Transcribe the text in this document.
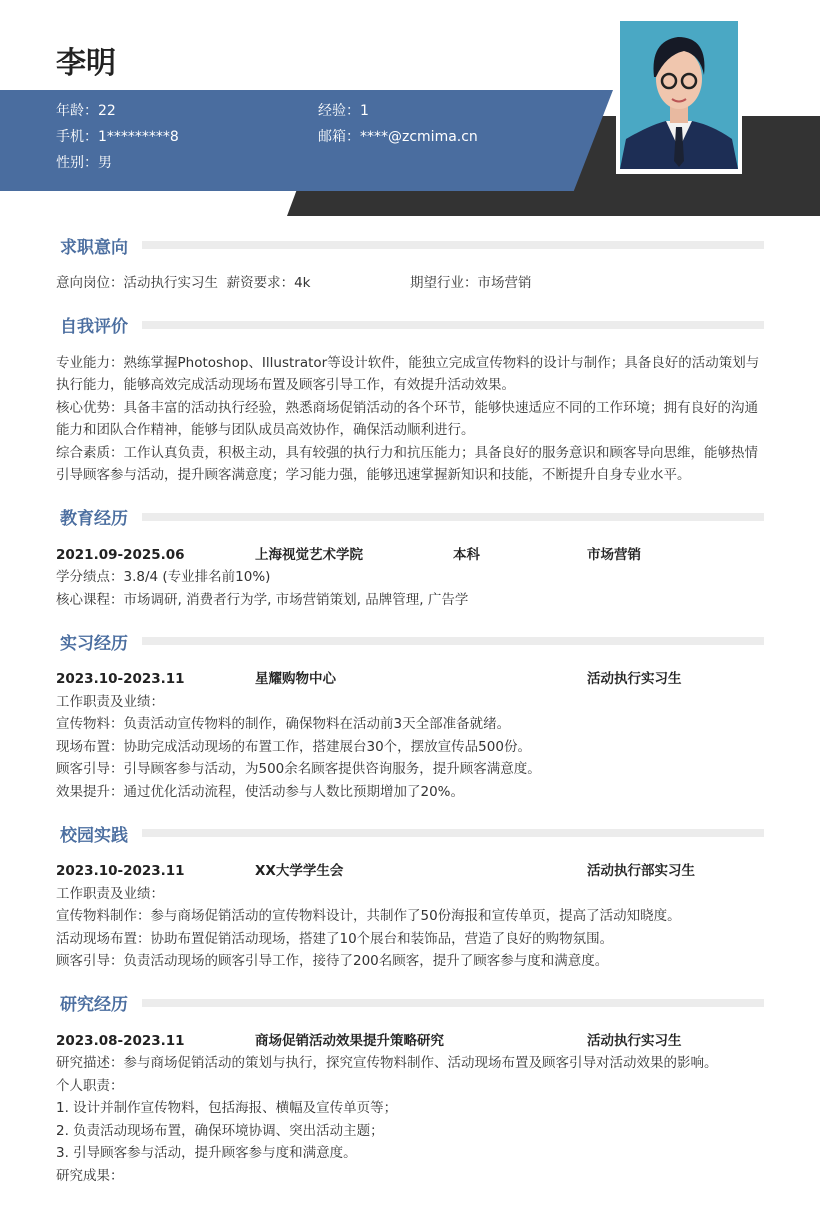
李明
年龄：22	经验：1
手机：1*********8	邮箱：****@zcmima.cn
性别：男
求职意向
意向岗位：活动执行实习生 薪资要求：4k	期望行业：市场营销
自我评价
专业能力：熟练掌握Photoshop、Illustrator等设计软件，能独立完成宣传物料的设计与制作；具备良好的活动策划与执行能力，能够高效完成活动现场布置及顾客引导工作，有效提升活动效果。
核心优势：具备丰富的活动执行经验，熟悉商场促销活动的各个环节，能够快速适应不同的工作环境；拥有良好的沟通能力和团队合作精神，能够与团队成员高效协作，确保活动顺利进行。
综合素质：工作认真负责，积极主动，具有较强的执行力和抗压能力；具备良好的服务意识和顾客导向思维，能够热情引导顾客参与活动，提升顾客满意度；学习能力强，能够迅速掌握新知识和技能，不断提升自身专业水平。
教育经历
2021.09-2025.06	上海视觉艺术学院	本科	市场营销
学分绩点：3.8/4 (专业排名前10%)
核心课程：市场调研, 消费者行为学, 市场营销策划, 品牌管理, 广告学
实习经历
2023.10-2023.11	星耀购物中心	活动执行实习生
工作职责及业绩：
宣传物料：负责活动宣传物料的制作，确保物料在活动前3天全部准备就绪。
现场布置：协助完成活动现场的布置工作，搭建展台30个，摆放宣传品500份。
顾客引导：引导顾客参与活动，为500余名顾客提供咨询服务，提升顾客满意度。
效果提升：通过优化活动流程，使活动参与人数比预期增加了20%。
校园实践
2023.10-2023.11	XX大学学生会	活动执行部实习生
工作职责及业绩：
宣传物料制作：参与商场促销活动的宣传物料设计，共制作了50份海报和宣传单页，提高了活动知晓度。
活动现场布置：协助布置促销活动现场，搭建了10个展台和装饰品，营造了良好的购物氛围。
顾客引导：负责活动现场的顾客引导工作，接待了200名顾客，提升了顾客参与度和满意度。
研究经历
2023.08-2023.11	商场促销活动效果提升策略研究	活动执行实习生
研究描述：参与商场促销活动的策划与执行，探究宣传物料制作、活动现场布置及顾客引导对活动效果的影响。
个人职责：
1. 设计并制作宣传物料，包括海报、横幅及宣传单页等；
2. 负责活动现场布置，确保环境协调、突出活动主题；
3. 引导顾客参与活动，提升顾客参与度和满意度。
研究成果：
